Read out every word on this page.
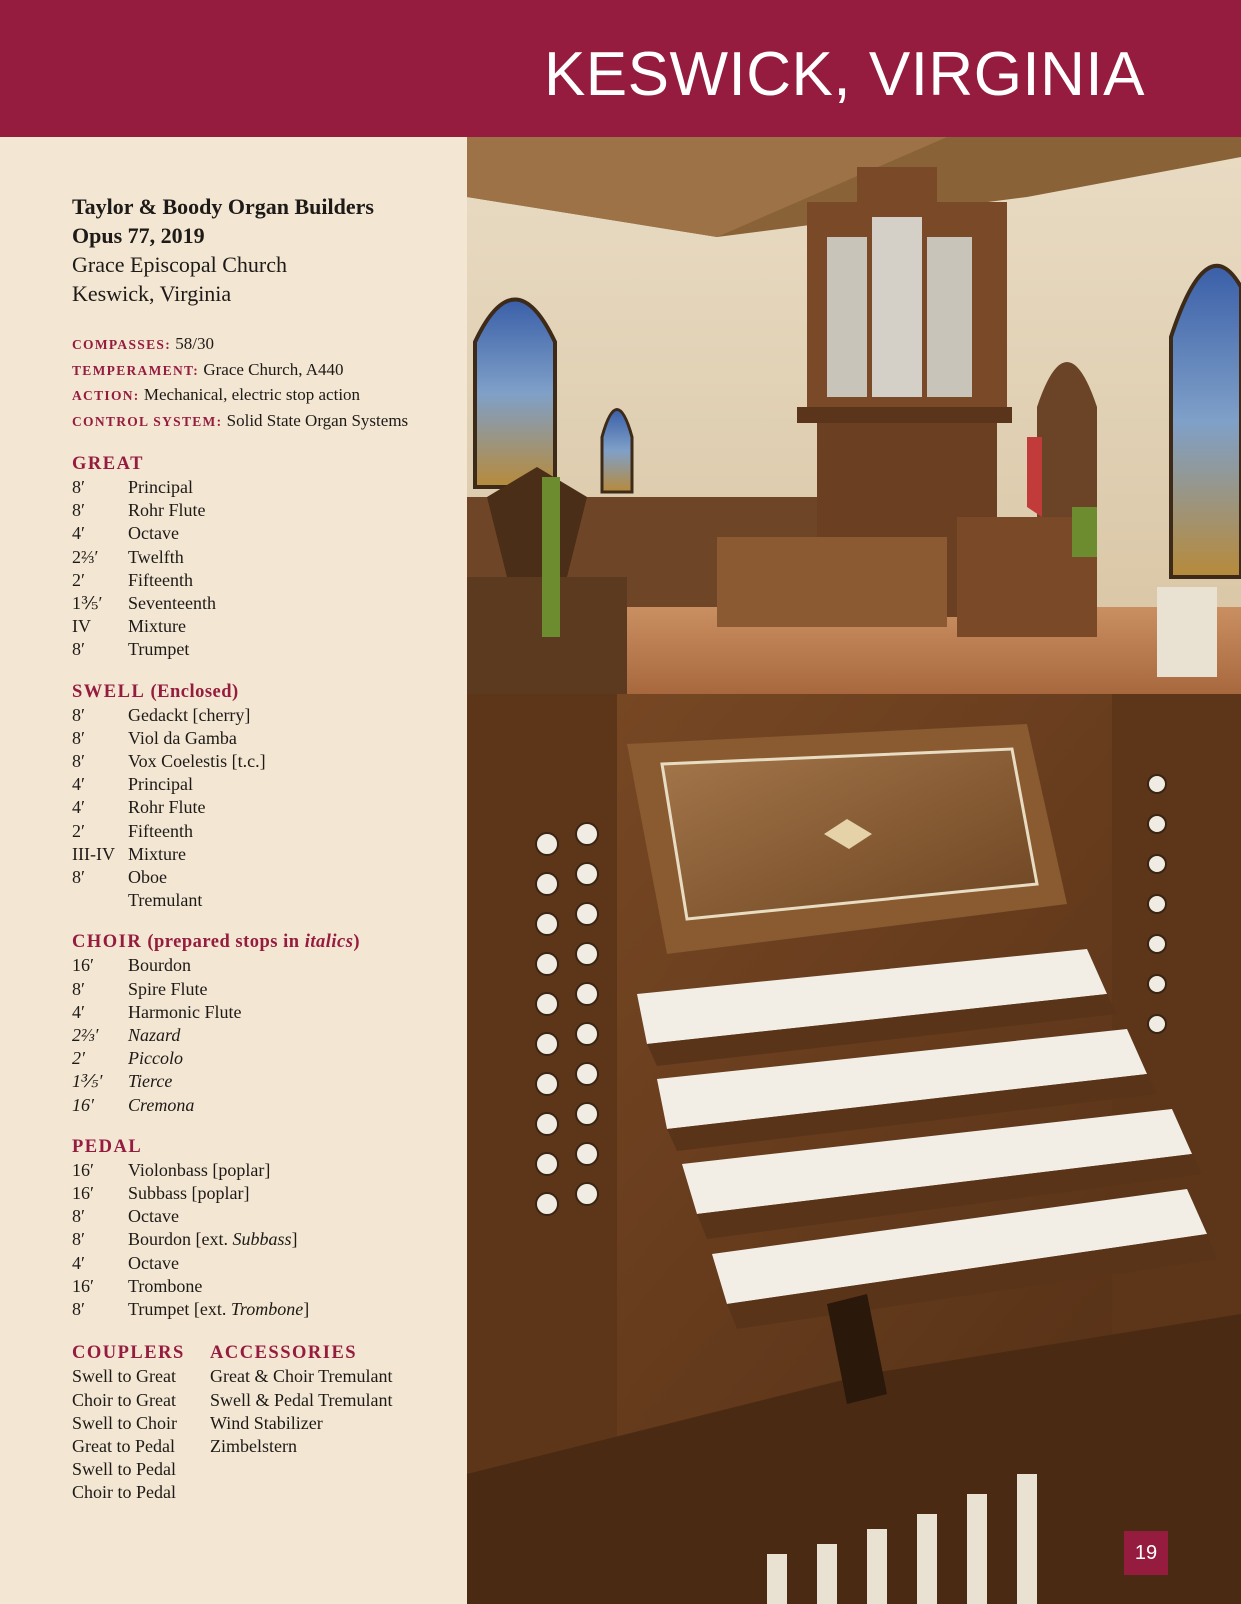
KESWICK, VIRGINIA
Taylor & Boody Organ Builders
Opus 77, 2019
Grace Episcopal Church
Keswick, Virginia
COMPASSES: 58/30
TEMPERAMENT: Grace Church, A440
ACTION: Mechanical, electric stop action
CONTROL SYSTEM: Solid State Organ Systems
GREAT
8′ Principal
8′ Rohr Flute
4′ Octave
2⅔′ Twelfth
2′ Fifteenth
1⅗′ Seventeenth
IV Mixture
8′ Trumpet
SWELL (Enclosed)
8′ Gedackt [cherry]
8′ Viol da Gamba
8′ Vox Coelestis [t.c.]
4′ Principal
4′ Rohr Flute
2′ Fifteenth
III-IV Mixture
8′ Oboe
Tremulant
CHOIR (prepared stops in italics)
16′ Bourdon
8′ Spire Flute
4′ Harmonic Flute
2⅔′ Nazard
2′ Piccolo
1⅗′ Tierce
16′ Cremona
PEDAL
16′ Violonbass [poplar]
16′ Subbass [poplar]
8′ Octave
8′ Bourdon [ext. Subbass]
4′ Octave
16′ Trombone
8′ Trumpet [ext. Trombone]
COUPLERS
Swell to Great
Choir to Great
Swell to Choir
Great to Pedal
Swell to Pedal
Choir to Pedal
ACCESSORIES
Great & Choir Tremulant
Swell & Pedal Tremulant
Wind Stabilizer
Zimbelstern
19
